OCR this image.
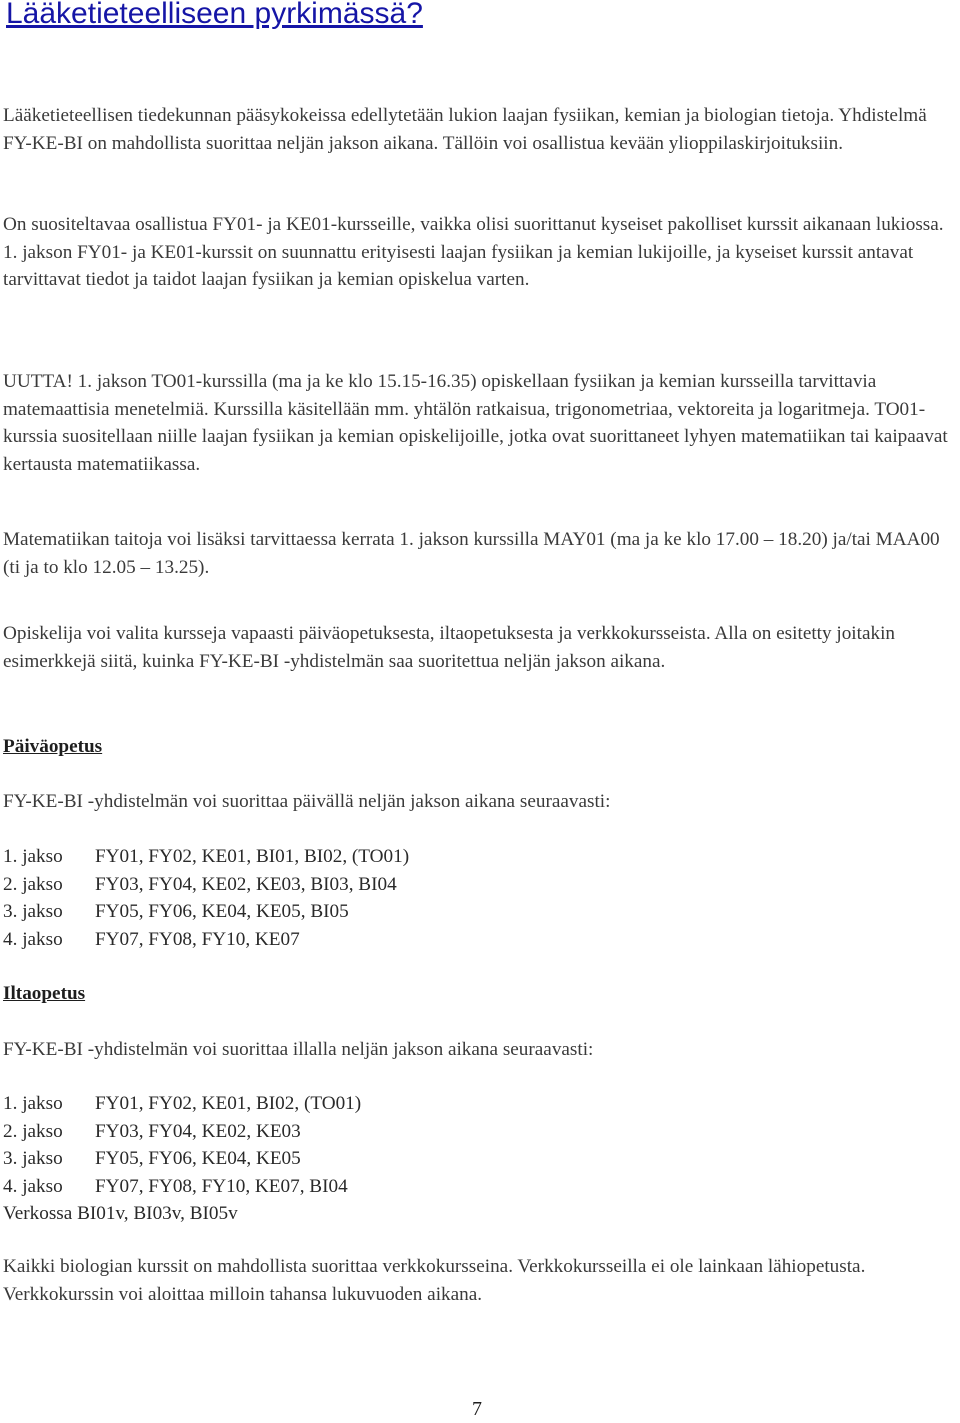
Lääketieteelliseen pyrkimässä?

Lääketieteellisen tiedekunnan pääsykokeissa edellytetään lukion laajan fysiikan, kemian ja biologian tietoja. Yhdistelmä FY-KE-BI on mahdollista suorittaa neljän jakson aikana. Tällöin voi osallistua kevään ylioppilaskirjoituksiin.

On suositeltavaa osallistua FY01- ja KE01-kursseille, vaikka olisi suorittanut kyseiset pakolliset kurssit aikanaan lukiossa. 1. jakson FY01- ja KE01-kurssit on suunnattu erityisesti laajan fysiikan ja kemian lukijoille, ja kyseiset kurssit antavat tarvittavat tiedot ja taidot laajan fysiikan ja kemian opiskelua varten.

UUTTA! 1. jakson TO01-kurssilla (ma ja ke klo 15.15-16.35) opiskellaan fysiikan ja kemian kursseilla tarvittavia matemaattisia menetelmiä. Kurssilla käsitellään mm. yhtälön ratkaisua, trigonometriaa, vektoreita ja logaritmeja. TO01-kurssia suositellaan niille laajan fysiikan ja kemian opiskelijoille, jotka ovat suorittaneet lyhyen matematiikan tai kaipaavat kertausta matematiikassa.

Matematiikan taitoja voi lisäksi tarvittaessa kerrata 1. jakson kurssilla MAY01 (ma ja ke klo 17.00 – 18.20) ja/tai MAA00 (ti ja to klo 12.05 – 13.25).

Opiskelija voi valita kursseja vapaasti päiväopetuksesta, iltaopetuksesta ja verkkokursseista. Alla on esitetty joitakin esimerkkejä siitä, kuinka FY-KE-BI -yhdistelmän saa suoritettua neljän jakson aikana.

Päiväopetus

FY-KE-BI -yhdistelmän voi suorittaa päivällä neljän jakson aikana seuraavasti:

1. jakso FY01, FY02, KE01, BI01, BI02, (TO01)
2. jakso FY03, FY04, KE02, KE03, BI03, BI04
3. jakso FY05, FY06, KE04, KE05, BI05
4. jakso FY07, FY08, FY10, KE07
Iltaopetus

FY-KE-BI -yhdistelmän voi suorittaa illalla neljän jakson aikana seuraavasti:

1. jakso FY01, FY02, KE01, BI02, (TO01)
2. jakso FY03, FY04, KE02, KE03
3. jakso FY05, FY06, KE04, KE05
4. jakso FY07, FY08, FY10, KE07, BI04
Verkossa BI01v, BI03v, BI05v

Kaikki biologian kurssit on mahdollista suorittaa verkkokursseina. Verkkokursseilla ei ole lainkaan lähiopetusta. Verkkokurssin voi aloittaa milloin tahansa lukuvuoden aikana.

7
